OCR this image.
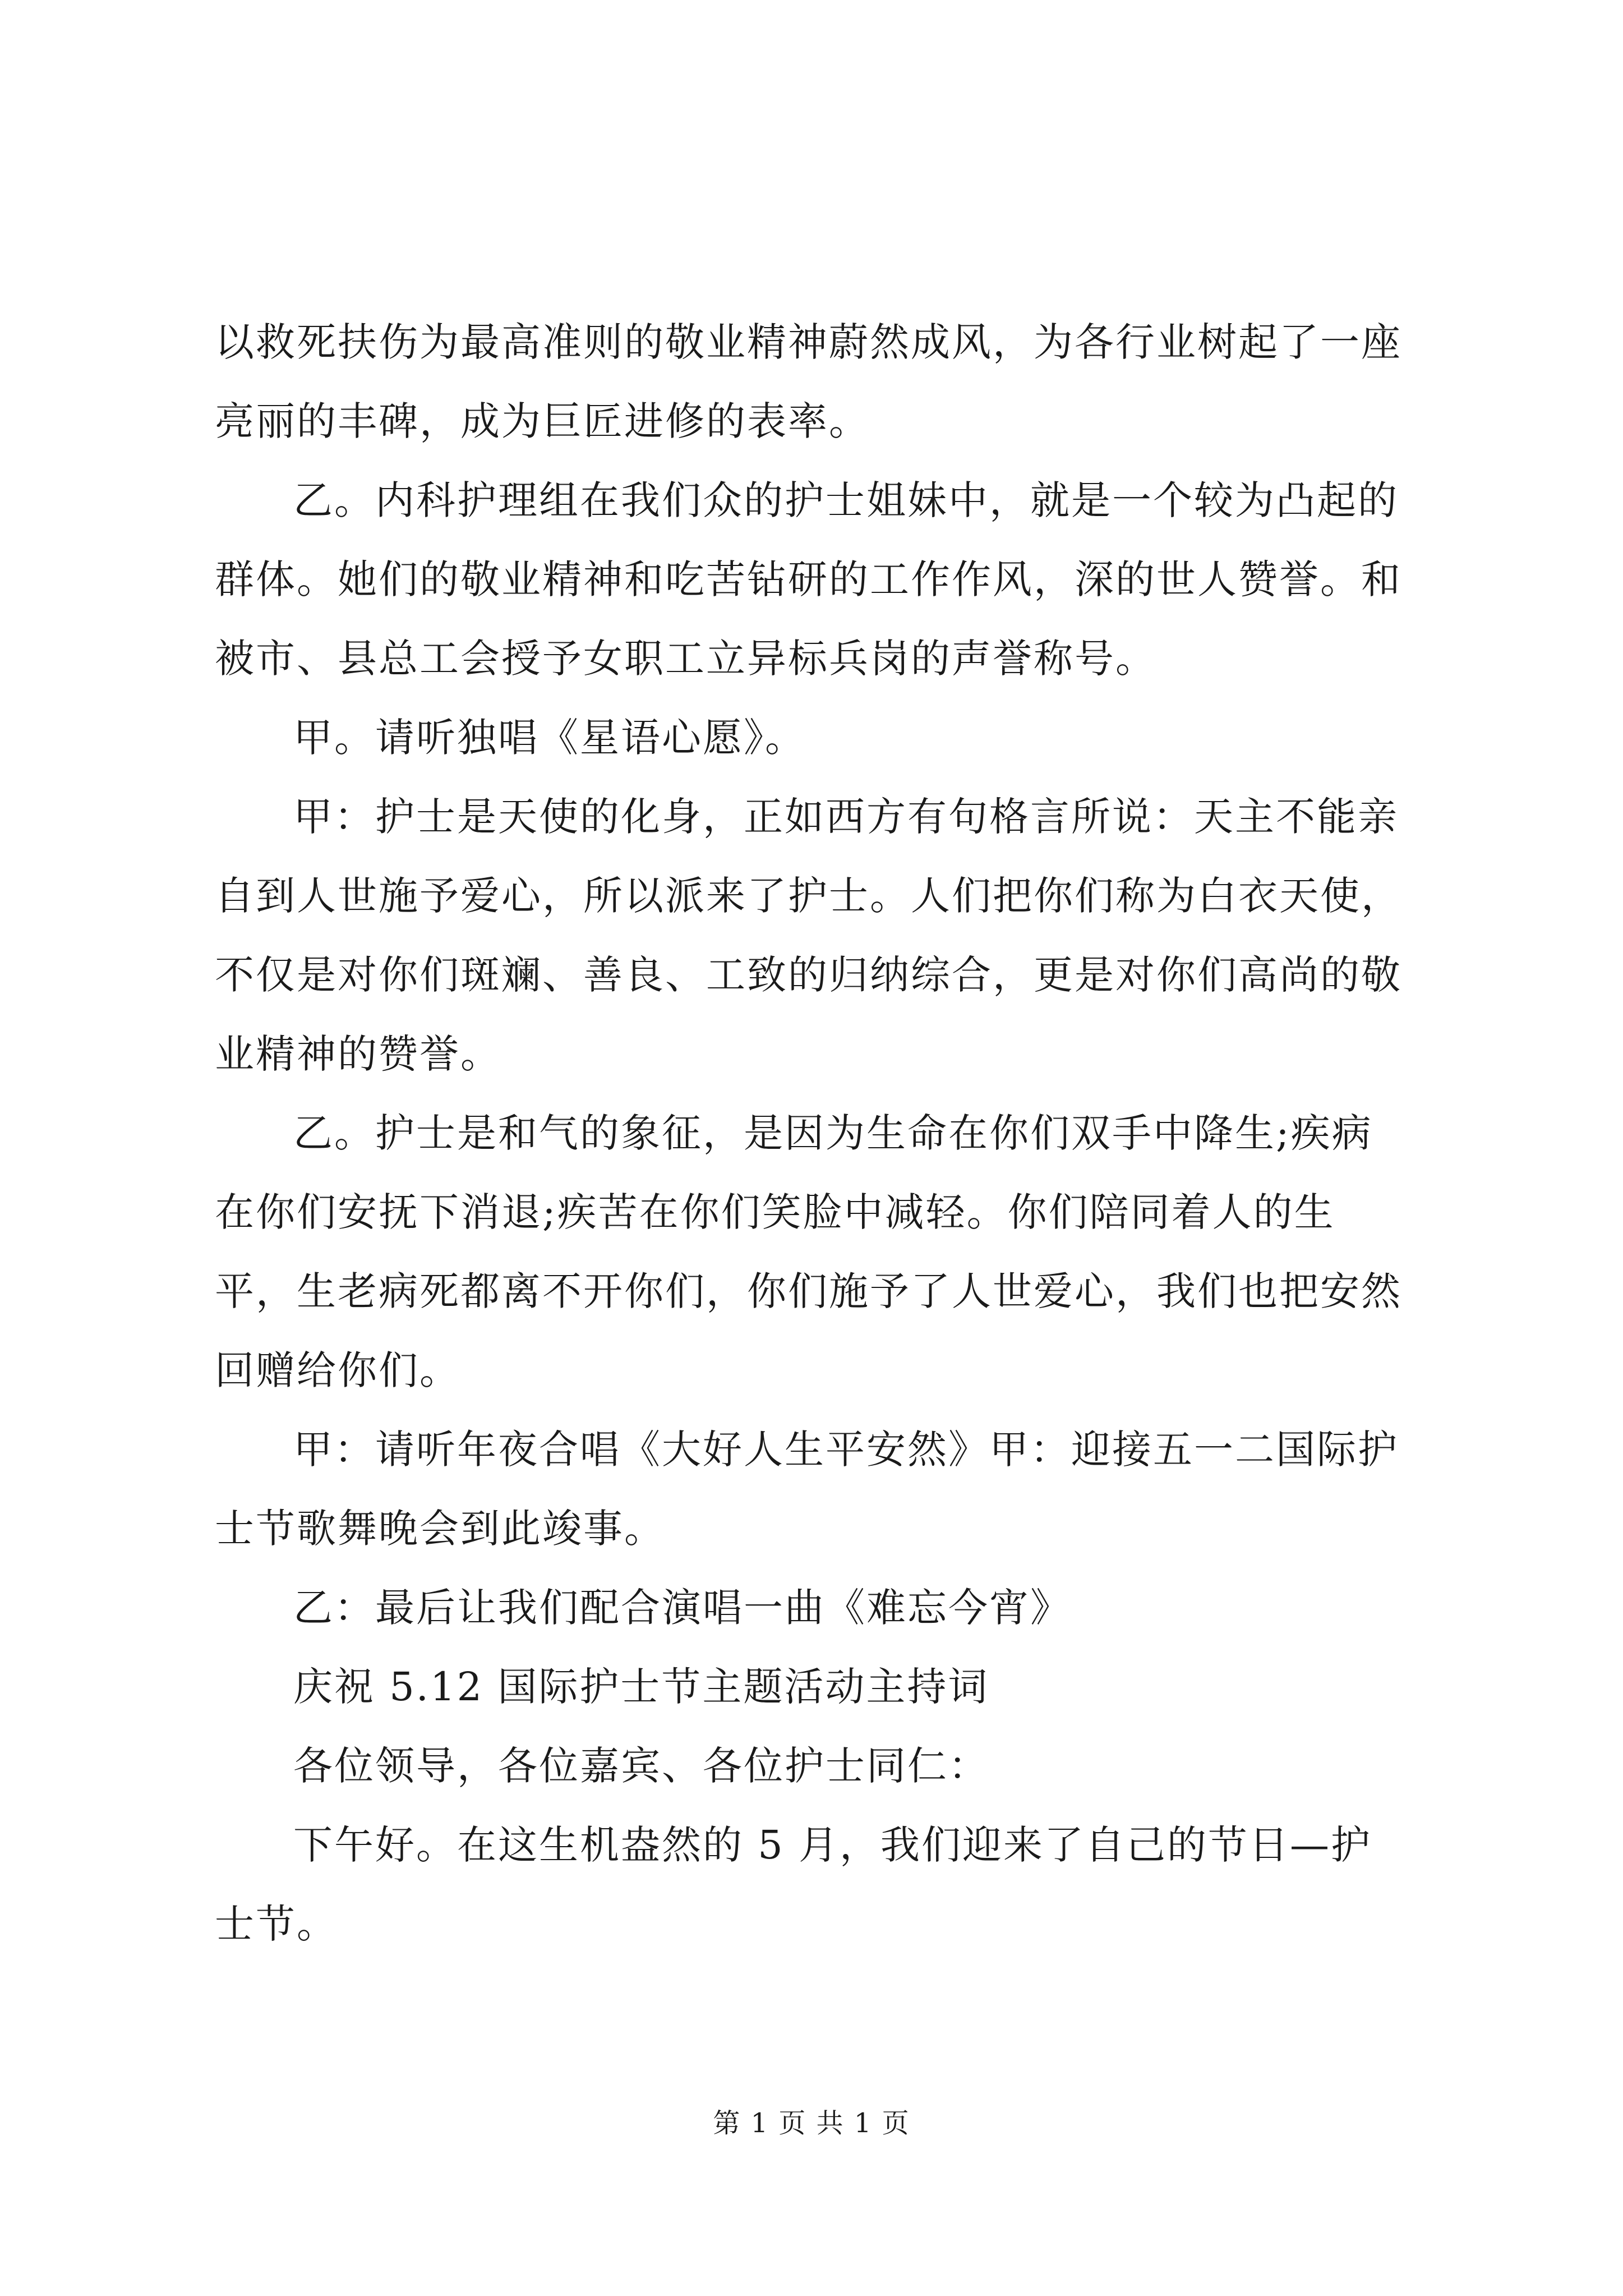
以救死扶伤为最高准则的敬业精神蔚然成风，为各行业树起了一座亮丽的丰碑，成为巨匠进修的表率。

乙。内科护理组在我们众的护士姐妹中，就是一个较为凸起的群体。她们的敬业精神和吃苦钻研的工作作风，深的世人赞誉。和被市、县总工会授予女职工立异标兵岗的声誉称号。

甲。请听独唱《星语心愿》。

甲：护士是天使的化身，正如西方有句格言所说：天主不能亲自到人世施予爱心，所以派来了护士。人们把你们称为白衣天使，不仅是对你们斑斓、善良、工致的归纳综合，更是对你们高尚的敬业精神的赞誉。

乙。护士是和气的象征，是因为生命在你们双手中降生;疾病在你们安抚下消退;疾苦在你们笑脸中减轻。你们陪同着人的生平，生老病死都离不开你们，你们施予了人世爱心，我们也把安然回赠给你们。

甲：请听年夜合唱《大好人生平安然》甲：迎接五一二国际护士节歌舞晚会到此竣事。

乙：最后让我们配合演唱一曲《难忘今宵》

庆祝 5.12 国际护士节主题活动主持词

各位领导，各位嘉宾、各位护士同仁：

下午好。在这生机盎然的 5 月，我们迎来了自己的节日—护士节。

第 1 页 共 1 页
